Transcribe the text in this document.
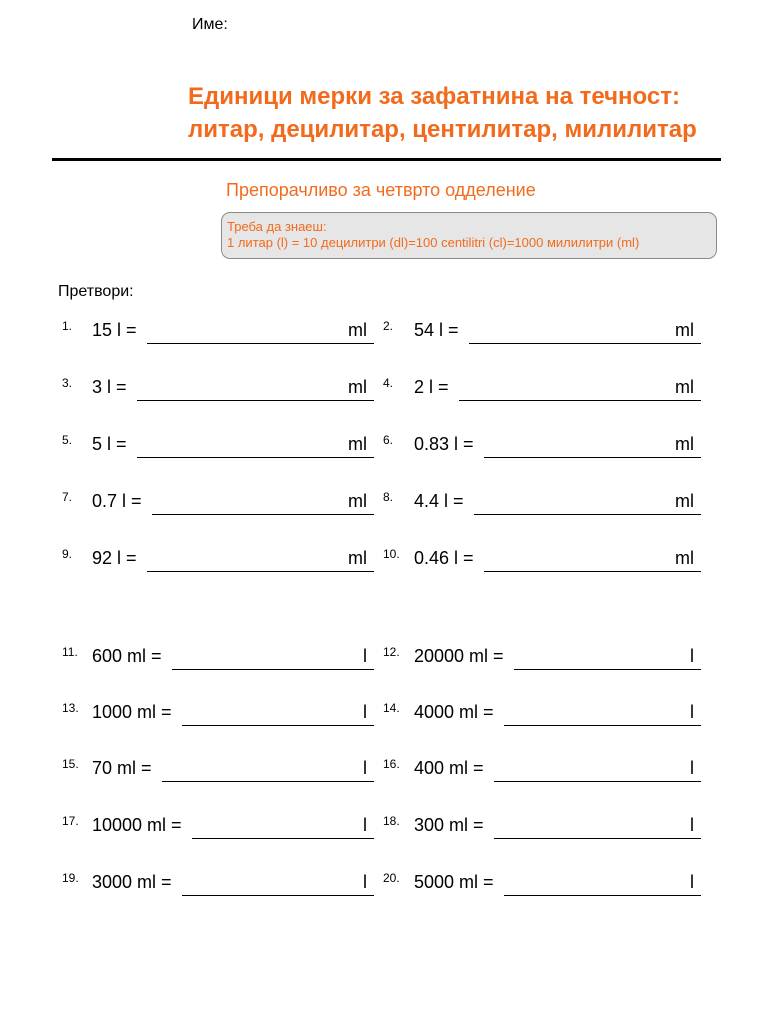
Име:
Единици мерки за зафатнина на течност:
литар, децилитар, центилитар, милилитар
Препорачливо за четврто одделение
Треба да знаеш:
1 литар (l) = 10 децилитри (dl)=100 centilitri (cl)=1000 милилитри (ml)
Претвори:
1. 15 l =	ml 2. 54 l =	ml
3. 3 l =	ml 4. 2 l =	ml
5. 5 l =	ml 6. 0.83 l =	ml
7. 0.7 l =	ml 8. 4.4 l =	ml
9. 92 l =	ml 10. 0.46 l =	ml
11. 600 ml =	l 12. 20000 ml =	l
13. 1000 ml =	l 14. 4000 ml =	l
15. 70 ml =	l 16. 400 ml =	l
17. 10000 ml =	l 18. 300 ml =	l
19. 3000 ml =	l 20. 5000 ml =	l
